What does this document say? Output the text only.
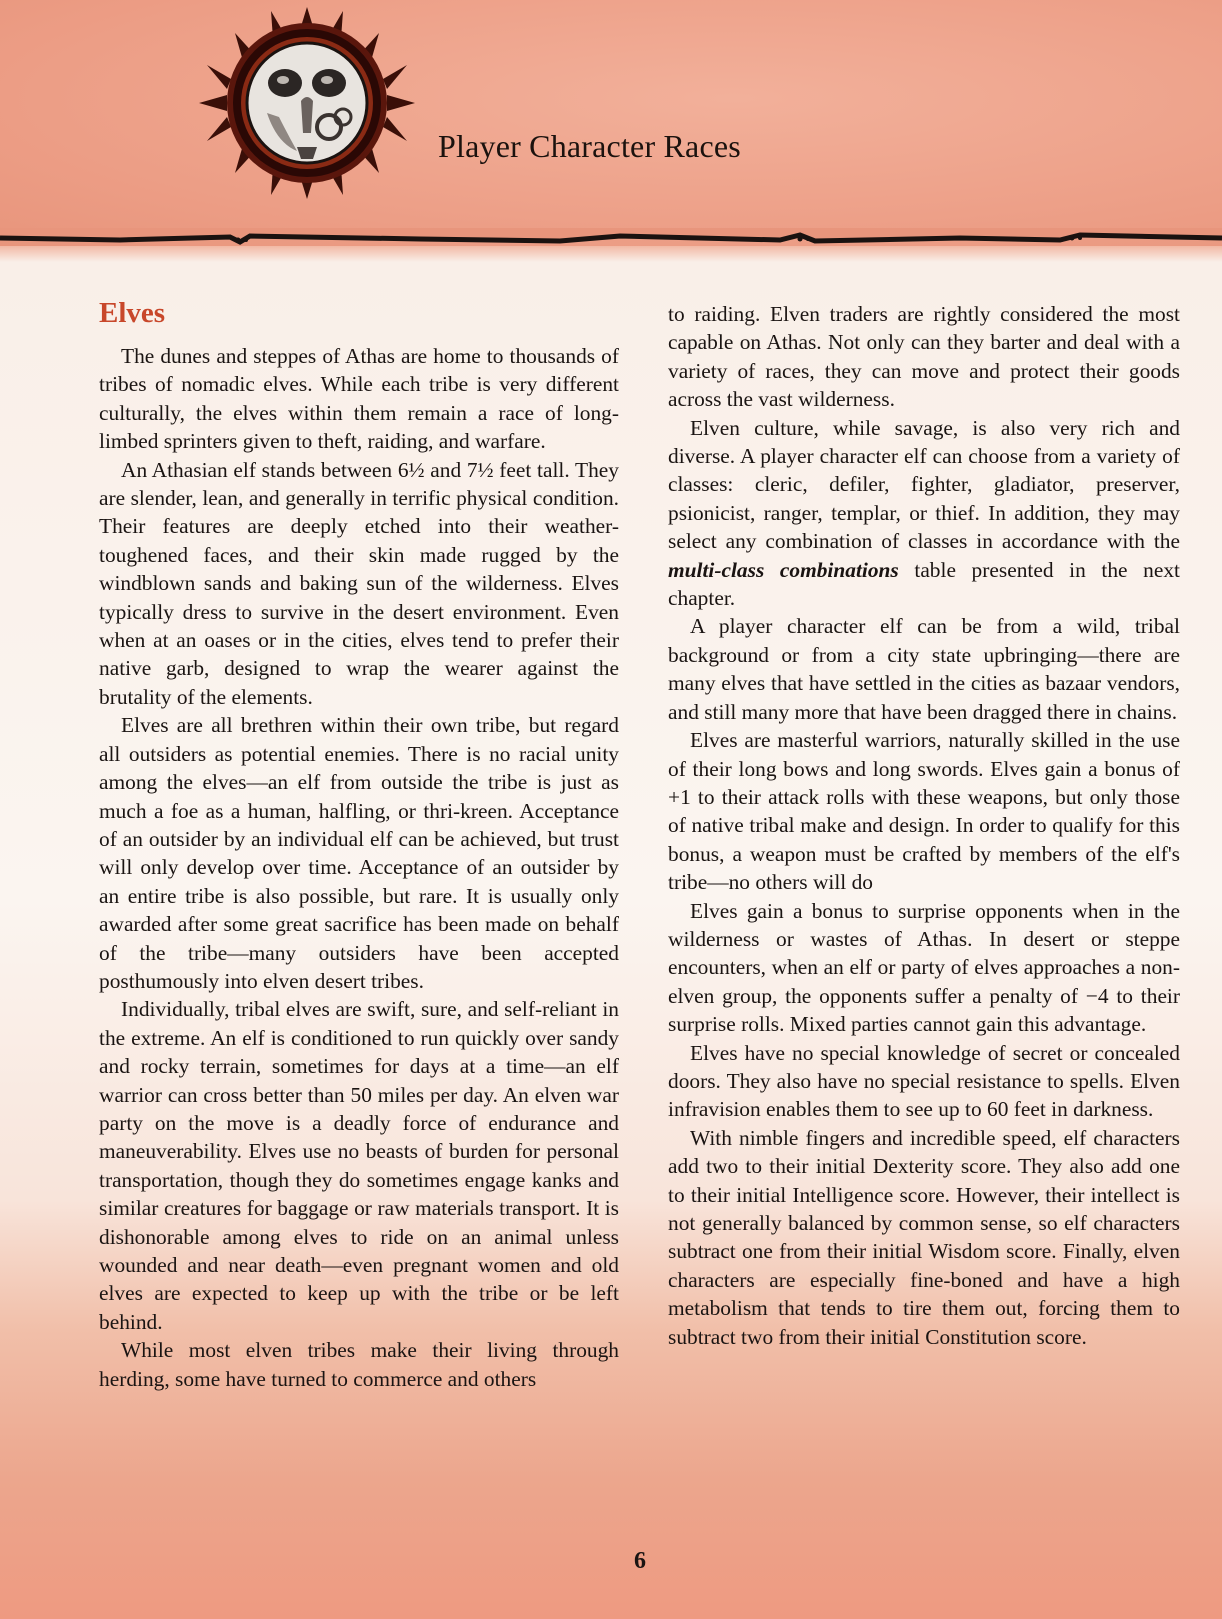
Player Character Races
Elves

The dunes and steppes of Athas are home to thousands of tribes of nomadic elves. While each tribe is very different culturally, the elves within them remain a race of long-limbed sprinters given to theft, raiding, and warfare.

An Athasian elf stands between 6½ and 7½ feet tall. They are slender, lean, and generally in terrific physical condition. Their features are deeply etched into their weather-toughened faces, and their skin made rugged by the windblown sands and baking sun of the wilderness. Elves typically dress to survive in the desert environment. Even when at an oases or in the cities, elves tend to prefer their native garb, designed to wrap the wearer against the brutality of the elements.

Elves are all brethren within their own tribe, but regard all outsiders as potential enemies. There is no racial unity among the elves—an elf from outside the tribe is just as much a foe as a human, halfling, or thri-kreen. Acceptance of an outsider by an individual elf can be achieved, but trust will only develop over time. Acceptance of an outsider by an entire tribe is also possible, but rare. It is usually only awarded after some great sacrifice has been made on behalf of the tribe—many outsiders have been accepted posthumously into elven desert tribes.

Individually, tribal elves are swift, sure, and self-reliant in the extreme. An elf is conditioned to run quickly over sandy and rocky terrain, sometimes for days at a time—an elf warrior can cross better than 50 miles per day. An elven war party on the move is a deadly force of endurance and maneuverability. Elves use no beasts of burden for personal transportation, though they do sometimes engage kanks and similar creatures for baggage or raw materials transport. It is dishonorable among elves to ride on an animal unless wounded and near death—even pregnant women and old elves are expected to keep up with the tribe or be left behind.

While most elven tribes make their living through herding, some have turned to commerce and others

to raiding. Elven traders are rightly considered the most capable on Athas. Not only can they barter and deal with a variety of races, they can move and protect their goods across the vast wilderness.

Elven culture, while savage, is also very rich and diverse. A player character elf can choose from a variety of classes: cleric, defiler, fighter, gladiator, preserver, psionicist, ranger, templar, or thief. In addition, they may select any combination of classes in accordance with the multi-class combinations table presented in the next chapter.

A player character elf can be from a wild, tribal background or from a city state upbringing—there are many elves that have settled in the cities as bazaar vendors, and still many more that have been dragged there in chains.

Elves are masterful warriors, naturally skilled in the use of their long bows and long swords. Elves gain a bonus of +1 to their attack rolls with these weapons, but only those of native tribal make and design. In order to qualify for this bonus, a weapon must be crafted by members of the elf's tribe—no others will do

Elves gain a bonus to surprise opponents when in the wilderness or wastes of Athas. In desert or steppe encounters, when an elf or party of elves approaches a non-elven group, the opponents suffer a penalty of −4 to their surprise rolls. Mixed parties cannot gain this advantage.

Elves have no special knowledge of secret or concealed doors. They also have no special resistance to spells. Elven infravision enables them to see up to 60 feet in darkness.

With nimble fingers and incredible speed, elf characters add two to their initial Dexterity score. They also add one to their initial Intelligence score. However, their intellect is not generally balanced by common sense, so elf characters subtract one from their initial Wisdom score. Finally, elven characters are especially fine-boned and have a high metabolism that tends to tire them out, forcing them to subtract two from their initial Constitution score.

6
